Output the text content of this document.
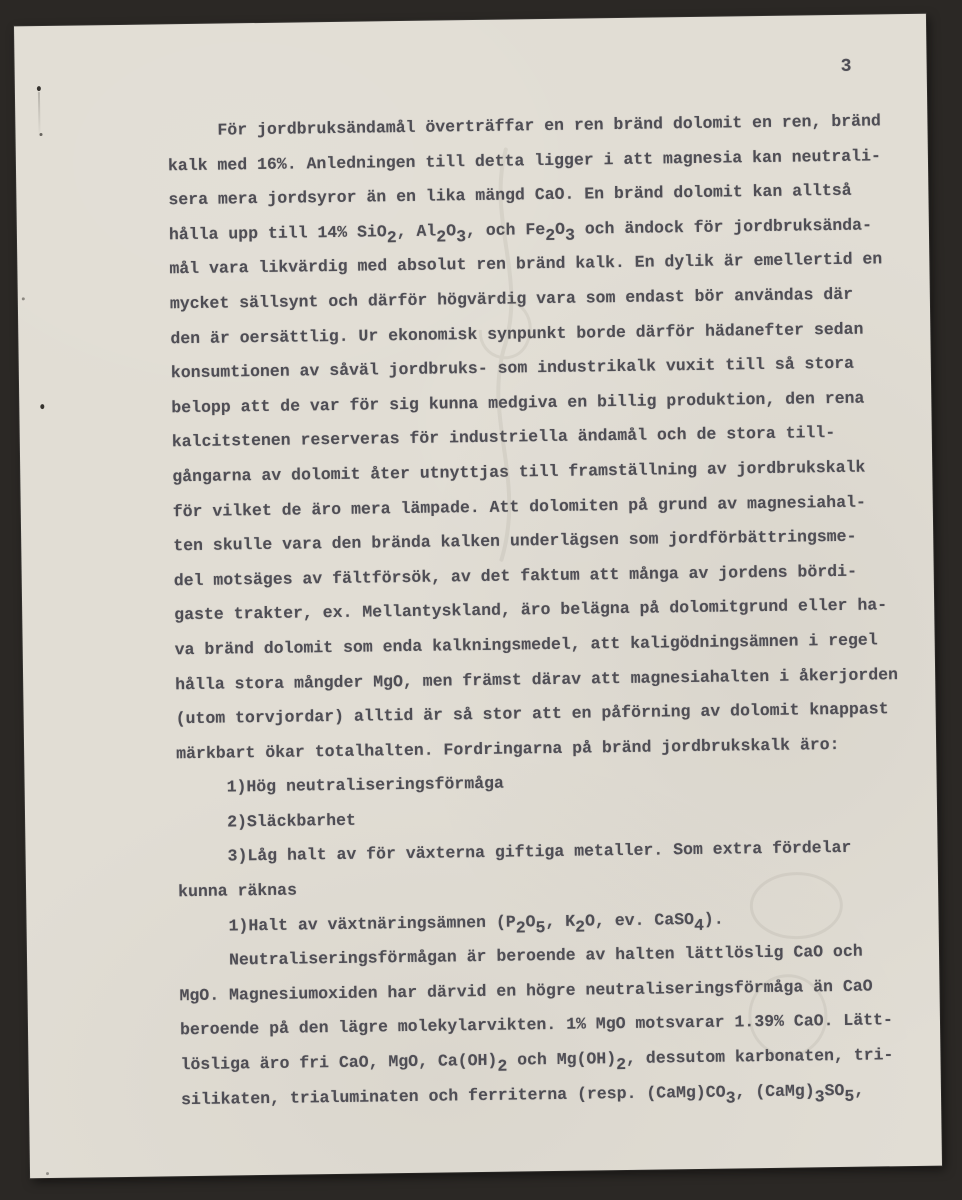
3
För jordbruksändamål överträffar en ren bränd dolomit en ren, bränd
kalk med 16%. Anledningen till detta ligger i att magnesia kan neutrali-
sera mera jordsyror än en lika mängd CaO. En bränd dolomit kan alltså
hålla upp till 14% SiO2, Al2O3, och Fe2O3 och ändock för jordbruksända-
mål vara likvärdig med absolut ren bränd kalk. En dylik är emellertid en
mycket sällsynt och därför högvärdig vara som endast bör användas där
den är oersättlig. Ur ekonomisk synpunkt borde därför hädanefter sedan
konsumtionen av såväl jordbruks- som industrikalk vuxit till så stora
belopp att de var för sig kunna medgiva en billig produktion, den rena
kalcitstenen reserveras för industriella ändamål och de stora till-
gångarna av dolomit åter utnyttjas till framställning av jordbrukskalk
för vilket de äro mera lämpade. Att dolomiten på grund av magnesiahal-
ten skulle vara den brända kalken underlägsen som jordförbättringsme-
del motsäges av fältförsök, av det faktum att många av jordens bördi-
gaste trakter, ex. Mellantyskland, äro belägna på dolomitgrund eller ha-
va bränd dolomit som enda kalkningsmedel, att kaligödningsämnen i regel
hålla stora mångder MgO, men främst därav att magnesiahalten i åkerjorden
(utom torvjordar) alltid är så stor att en påförning av dolomit knappast
märkbart ökar totalhalten. Fordringarna på bränd jordbrukskalk äro:
1)Hög neutraliseringsförmåga
2)Släckbarhet
3)Låg halt av för växterna giftiga metaller. Som extra fördelar
kunna räknas
1)Halt av växtnäringsämnen (P2O5, K2O, ev. CaSO4).
Neutraliseringsförmågan är beroende av halten lättlöslig CaO och
MgO. Magnesiumoxiden har därvid en högre neutraliseringsförmåga än CaO
beroende på den lägre molekylarvikten. 1% MgO motsvarar 1.39% CaO. Lätt-
lösliga äro fri CaO, MgO, Ca(OH)2 och Mg(OH)2, dessutom karbonaten, tri-
silikaten, trialuminaten och ferriterna (resp. (CaMg)CO3, (CaMg)3SO5,
